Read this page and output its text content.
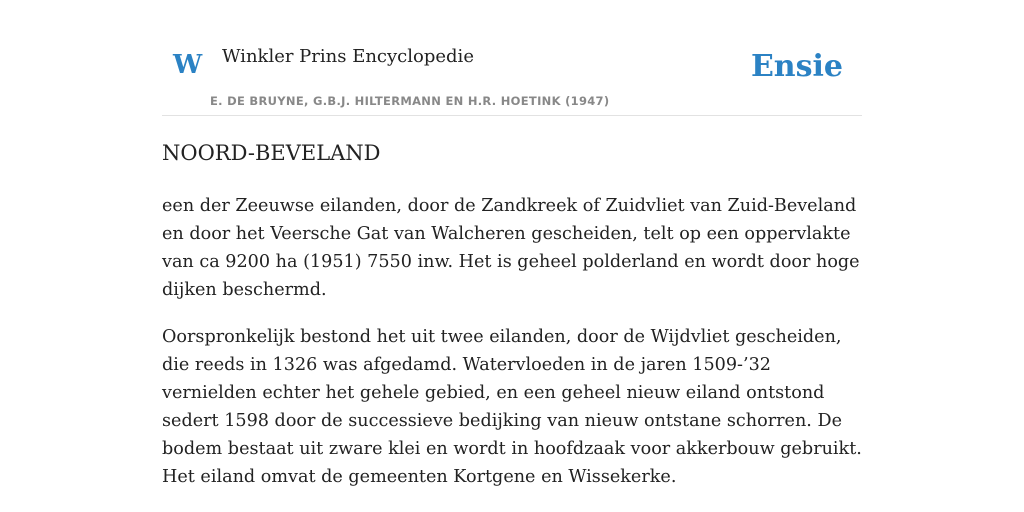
W Winkler Prins Encyclopedie
E. DE BRUYNE, G.B.J. HILTERMANN EN H.R. HOETINK (1947)
Ensie
NOORD-BEVELAND

een der Zeeuwse eilanden, door de Zandkreek of Zuidvliet van Zuid-Beveland en door het Veersche Gat van Walcheren gescheiden, telt op een oppervlakte van ca 9200 ha (1951) 7550 inw. Het is geheel polderland en wordt door hoge dijken beschermd.

Oorspronkelijk bestond het uit twee eilanden, door de Wijdvliet gescheiden, die reeds in 1326 was afgedamd. Watervloeden in de jaren 1509-’32 vernielden echter het gehele gebied, en een geheel nieuw eiland ontstond sedert 1598 door de successieve bedijking van nieuw ontstane schorren. De bodem bestaat uit zware klei en wordt in hoofdzaak voor akkerbouw gebruikt. Het eiland omvat de gemeenten Kortgene en Wissekerke.
